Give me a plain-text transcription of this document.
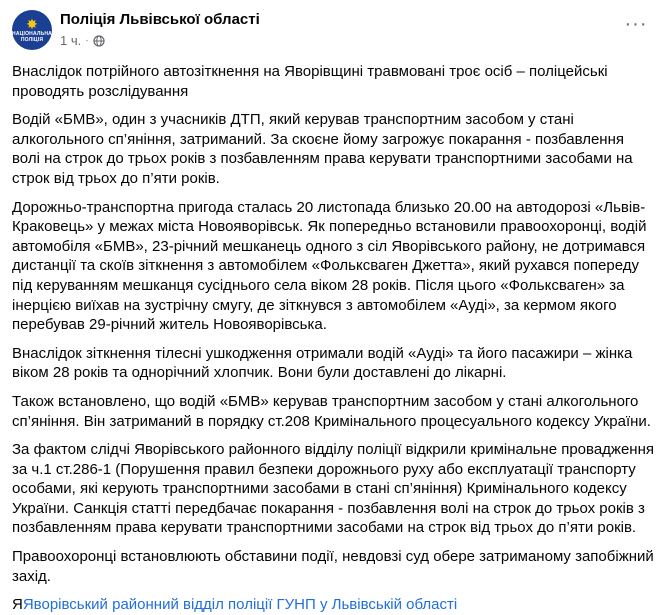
✸
НАЦІОНАЛЬНА ПОЛІЦІЯ
Поліція Львівської області
1 ч. ·
···

Внаслідок потрійного автозіткнення на Яворівщині травмовані троє осіб – поліцейські проводять розслідування

Водій «БМВ», один з учасників ДТП, який керував транспортним засобом у стані алкогольного сп’яніння, затриманий. За скоєне йому загрожує покарання - позбавлення волі на строк до трьох років з позбавленням права керувати транспортними засобами на строк від трьох до п’яти років.

Дорожньо-транспортна пригода сталась 20 листопада близько 20.00 на автодорозі «Львів-Краковець» у межах міста Новояворівськ. Як попередньо встановили правоохоронці, водій автомобіля «БМВ», 23-річний мешканець одного з сіл Яворівського району, не дотримався дистанції та скоїв зіткнення з автомобілем «Фольксваген Джетта», який рухався попереду під керуванням мешканця сусіднього села віком 28 років. Після цього «Фольксваген» за інерцією виїхав на зустрічну смугу, де зіткнувся з автомобілем «Ауді», за кермом якого перебував 29-річний житель Новояворівська.

Внаслідок зіткнення тілесні ушкодження отримали водій «Ауді» та його пасажири – жінка віком 28 років та однорічний хлопчик. Вони були доставлені до лікарні.

Також встановлено, що водій «БМВ» керував транспортним засобом у стані алкогольного сп’яніння. Він затриманий в порядку ст.208 Кримінального процесуального кодексу України.

За фактом слідчі Яворівського районного відділу поліції відкрили кримінальне провадження за ч.1 ст.286-1 (Порушення правил безпеки дорожнього руху або експлуатації транспорту особами, які керують транспортними засобами в стані сп’яніння) Кримінального кодексу України. Санкція статті передбачає покарання - позбавлення волі на строк до трьох років з позбавленням права керувати транспортними засобами на строк від трьох до п’яти років.

Правоохоронці встановлюють обставини події, невдовзі суд обере затриманому запобіжний захід.

ЯЯворівський районний відділ поліції ГУНП у Львівській області
